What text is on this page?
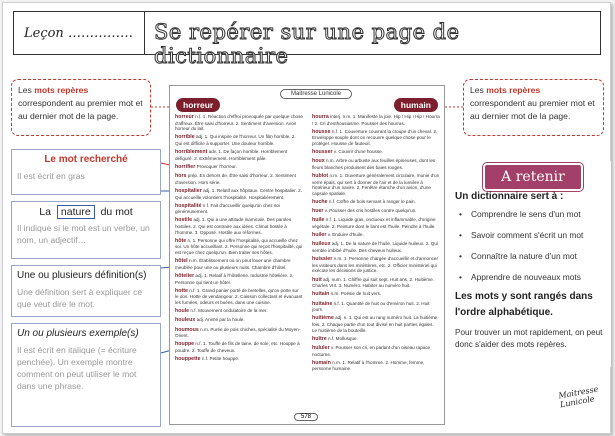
Leçon …………… Se repérer sur une page de dictionnaire
Les mots repères correspondent au premier mot et au dernier mot de la page.
Les mots repères correspondent au premier mot et au dernier mot de la page.
Le mot recherché
Il est écrit en gras
La nature du mot
Il indique si le mot est un verbe, un nom, un adjectif…
Une ou plusieurs définition(s)
Une définition sert à expliquer ce que veut dire le mot.
Un ou plusieurs exemple(s)
Il est écrit en italique (= écriture penchée). Un exemple montre comment on peut utiliser le mot dans une phrase.
Maitresse Lunicole
horreur	humain

horreur n.f. 1. Réaction d'effroi provoquée par quelque chose d'affreux. Être saisi d'horreur. 2. Sentiment d'aversion. Avoir horreur du lait.

horrible adj. 1. Qui inspire de l'horreur. Un film horrible. 2. Qui est difficile à supporter. Une douleur horrible.

horriblement adv. 1. De façon horrible. Horriblement défiguré. 2. Extrêmement. Horriblement pâle.

horrifier Provoquer l'horreur.

hors prép. En dehors de. Être saisi d'horreur. 2. Sentiment d'aversion. Hors série.

hospitalier adj. 1. Relatif aux hôpitaux. Centre hospitalier. 2. Qui accueille volontiers l'hospitalité. Hospitalièrement.

hospitalité n.f. Fait d'accueillir quelqu'un chez soi généreusement.

hostile adj. 1. Qui a une attitude inamicale. Des paroles hostiles. 2. Qui est contraire aux idées. Climat hostile à l'homme. 3. Opposé. Hostile aux réformes.

hôte n. 1. Personne qui offre l'hospitalité, qui accueille chez soi. Un hôte accueillant. 2. Personne qui reçoit l'hospitalité, qui est reçue chez quelqu'un. Bien traiter ses hôtes.

hôtel n.m. Établissement où on peut louer une chambre meublée pour une ou plusieurs nuits. Chambre d'hôtel.

hôtelier adj. 1. Relatif à l'hôtellerie. Industrie hôtelière. 2. Personne qui tient un hôtel.

hotte n.f. 1. Grand panier porté de bretelles, qu'on porte sur le dos. Hotte de vendangeur. 2. Caisson collectant et évacuant les fumées, odeurs et buées, dans une cuisine.

houle n.f. Mouvement ondulatoire de la mer.

houleux adj. Animé par la houle.

houmous n.m. Purée de pois chiches, spécialité du Moyen-Orient.

houppe n.f. 1. Touffe de fils de laine, de soie, etc. Houppe à poudre. 2. Touffe de cheveux.

houppette n.f. Petite houppe.

hourra interj. n.m. 1. Manifeste la joie. Hip ! Hip ! Hip ! Hourra ! 2. Cri d'enthousiasme. Pousser des hourras.

housse n.f. 1. Couverture couvrant la croupe d'un cheval. 2. Enveloppe souple dont on recouvre quelque chose pour le protéger. Housse de fauteuil.

housser v. Couvrir d'une housse.

houx n.m. Arbre ou arbuste aux feuilles épineuses, dont les fleurs blanches produisent des baies rouges.

hublot n.m. 1. Ouverture généralement circulaire, munie d'un verre épais, qui sert à donner de l'air et de la lumière à l'intérieur d'un navire. 2. Fenêtre étanche d'un avion, d'une capsule spatiale.

huche n.f. Coffre de bois servant à ranger le pain.

huer v. Pousser des cris hostiles contre quelqu'un.

huile n.f. 1. Liquide gras, onctueux et inflammable, d'origine végétale. 2. Peinture dont le liant est l'huile. Peindre à l'huile.

huiler v. Enduire d'huile.

huileux adj. 1. De la nature de l'huile. Liquide huileux. 2. Qui semble imbibé d'huile. Des cheveux huileux.

huissier n.m. 1. Personne chargée d'accueillir et d'annoncer les visiteurs dans les ministères, etc. 2. Officier ministériel qui exécute les décisions de justice.

huit adj. num. 1. Chiffre qui suit sept. Huit ans. 2. Huitième. Charles VIII. 3. Numéro. Habiter au numéro huit.

huitain n.m. Poésie de huit vers.

huitaine n.f. 1. Quantité de huit ou d'environ huit. 2. Huit jours.

huitième adj. n. 1. Qui est au rang numéro huit. La huitième fois. 2. Chaque partie d'un tout divisé en huit parties égales. Le huitième de la bouteille.

huître n.f. Mollusque.

hululer v. Pousser son cri, en parlant d'un oiseau rapace nocturne.

humain n.m. 1. Relatif à l'homme. 2. Homme, femme, personne humaine.

578
A retenir
Un dictionnaire sert à :
• Comprendre le sens d'un mot
• Savoir comment s'écrit un mot
• Connaître la nature d'un mot
• Apprendre de nouveaux mots
Les mots y sont rangés dans l'ordre alphabétique.
Pour trouver un mot rapidement, on peut donc s'aider des mots repères.
Maitresse Lunicole
